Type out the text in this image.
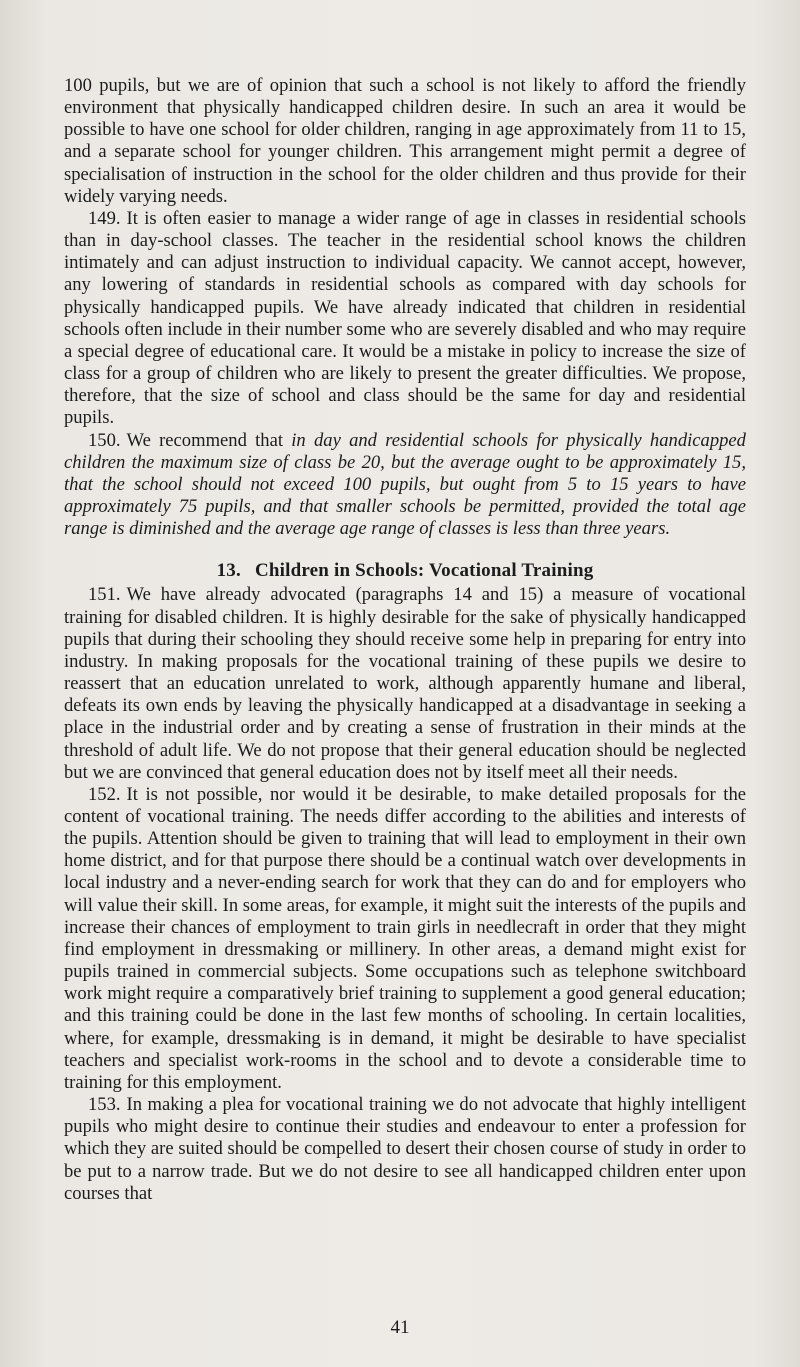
100 pupils, but we are of opinion that such a school is not likely to afford the friendly environment that physically handicapped children desire. In such an area it would be possible to have one school for older children, ranging in age approximately from 11 to 15, and a separate school for younger children. This arrangement might permit a degree of specialisation of instruction in the school for the older children and thus provide for their widely varying needs.

149. It is often easier to manage a wider range of age in classes in residential schools than in day-school classes. The teacher in the residential school knows the children intimately and can adjust instruction to individual capacity. We cannot accept, however, any lowering of standards in residential schools as compared with day schools for physically handicapped pupils. We have already indicated that children in residential schools often include in their number some who are severely disabled and who may require a special degree of educational care. It would be a mistake in policy to increase the size of class for a group of children who are likely to present the greater difficulties. We propose, therefore, that the size of school and class should be the same for day and residential pupils.

150. We recommend that in day and residential schools for physically handicapped children the maximum size of class be 20, but the average ought to be approximately 15, that the school should not exceed 100 pupils, but ought from 5 to 15 years to have approximately 75 pupils, and that smaller schools be permitted, provided the total age range is diminished and the average age range of classes is less than three years.

13. Children in Schools: Vocational Training

151. We have already advocated (paragraphs 14 and 15) a measure of vocational training for disabled children. It is highly desirable for the sake of physically handicapped pupils that during their schooling they should receive some help in preparing for entry into industry. In making proposals for the vocational training of these pupils we desire to reassert that an education unrelated to work, although apparently humane and liberal, defeats its own ends by leaving the physically handicapped at a disadvantage in seeking a place in the industrial order and by creating a sense of frustration in their minds at the threshold of adult life. We do not propose that their general education should be neglected but we are convinced that general education does not by itself meet all their needs.

152. It is not possible, nor would it be desirable, to make detailed proposals for the content of vocational training. The needs differ according to the abilities and interests of the pupils. Attention should be given to training that will lead to employment in their own home district, and for that purpose there should be a continual watch over developments in local industry and a never-ending search for work that they can do and for employers who will value their skill. In some areas, for example, it might suit the interests of the pupils and increase their chances of employment to train girls in needlecraft in order that they might find employment in dressmaking or millinery. In other areas, a demand might exist for pupils trained in commercial subjects. Some occupations such as telephone switchboard work might require a comparatively brief training to supplement a good general education; and this training could be done in the last few months of schooling. In certain localities, where, for example, dressmaking is in demand, it might be desirable to have specialist teachers and specialist work-rooms in the school and to devote a considerable time to training for this employment.

153. In making a plea for vocational training we do not advocate that highly intelligent pupils who might desire to continue their studies and endeavour to enter a profession for which they are suited should be compelled to desert their chosen course of study in order to be put to a narrow trade. But we do not desire to see all handicapped children enter upon courses that

41
